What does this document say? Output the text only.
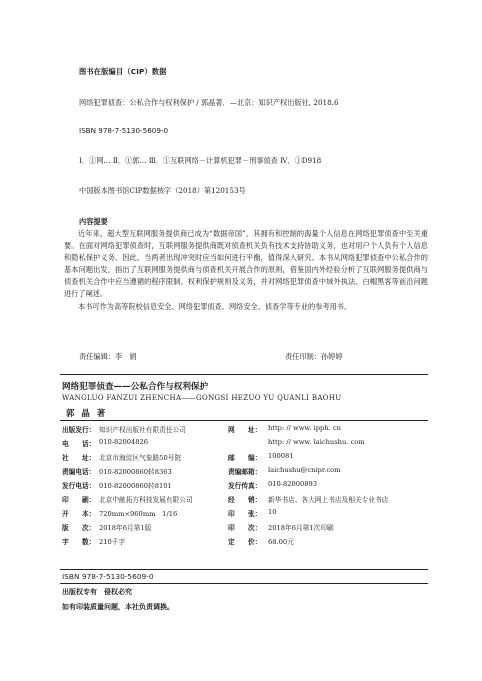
图书在版编目（CIP）数据
网络犯罪侦查：公私合作与权利保护 / 郭晶著．—北京：知识产权出版社, 2018.6
ISBN 978-7-5130-5609-0
Ⅰ．①网… Ⅱ．①郭… Ⅲ．①互联网络－计算机犯罪－刑事侦查 Ⅳ．①D918
中国版本图书馆CIP数据核字（2018）第120153号
内容提要

近年来，超大型互联网服务提供商已成为“数据帝国”，其拥有和控制的海量个人信息在网络犯罪侦查中至关重要。在面对网络犯罪侦查时，互联网服务提供商既对侦查机关负有技术支持协助义务，也对用户个人负有个人信息和隐私保护义务。因此，当两者出现冲突时应当如何进行平衡，值得深入研究。本书从网络犯罪侦查中公私合作的基本问题出发，指出了互联网服务提供商与侦查机关开展合作的原则，借鉴国内外经验分析了互联网服务提供商与侦查机关合作中应当遵循的程序限制、权利保护规则及义务，并对网络犯罪侦查中域外执法、白帽黑客等前沿问题进行了阐述。

本书可作为高等院校信息安全、网络犯罪侦查、网络安全、侦查学等专业的参考用书。

责任编辑：李　娟	责任印制：孙婷婷
网络犯罪侦查——公私合作与权利保护
WANGLUO FANZUI ZHENCHA——GONGSI HEZUO YU QUANLI BAOHU
郭晶著
出版发行： 知识产权出版社有限责任公司	网　　址： http: // www. ipph. cn
电　　话： 010-82004826	http: // www. laichushu. com
社　　址： 北京市海淀区气象路50号院	邮　　编： 100081
责编电话： 010-82000860转8363	责编邮箱： laichushu@cnipr.com
发行电话： 010-82000860转8101	发行传真： 010-82000893
印　　刷： 北京中献拓方科技发展有限公司	经　　销： 新华书店、各大网上书店及相关专业书店
开　　本： 720mm×960mm　1/16	印　　张： 10
版　　次： 2018年6月第1版	印　　次： 2018年6月第1次印刷
字　　数： 210千字	定　　价： 68.00元
ISBN 978-7-5130-5609-0
出版权专有　侵权必究
如有印装质量问题，本社负责调换。
